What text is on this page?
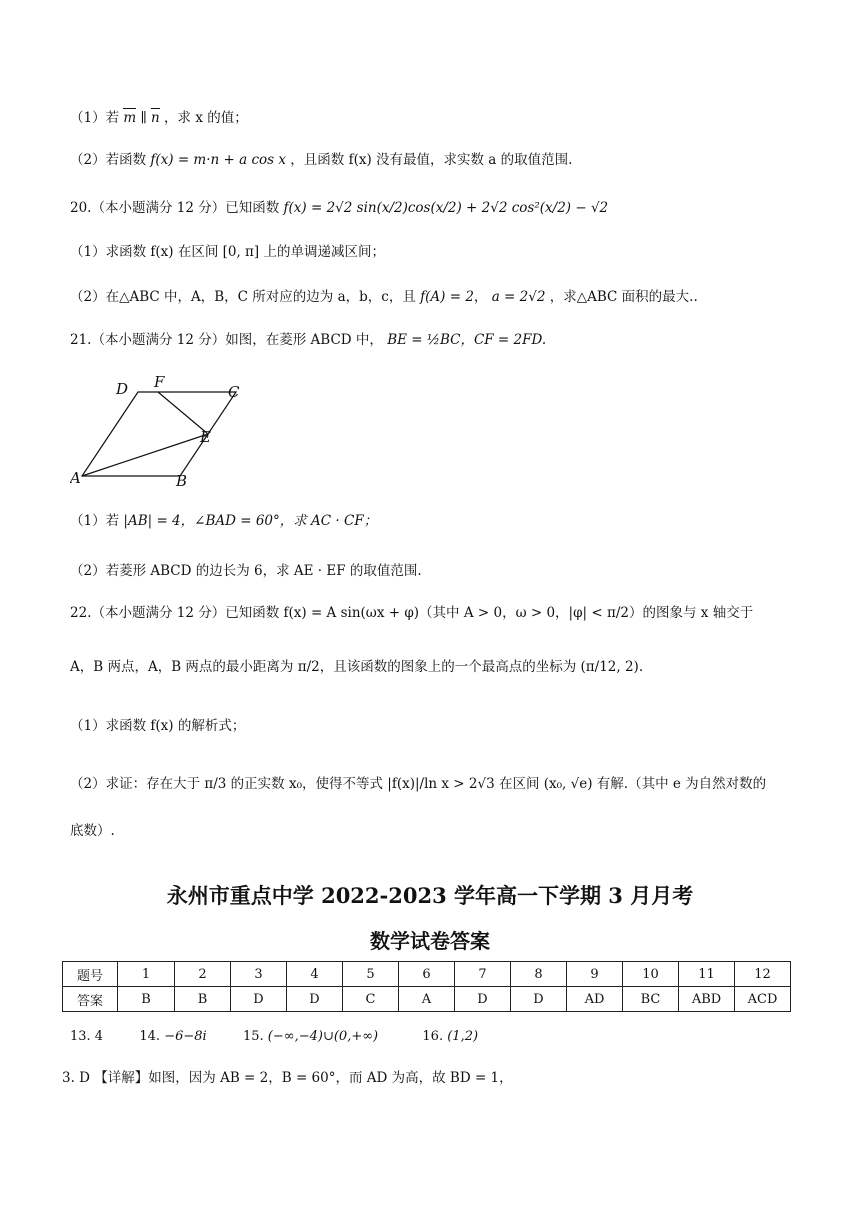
（1）若 m ∥ n ，求 x 的值；
（2）若函数 f(x) = m·n + a cos x ，且函数 f(x) 没有最值，求实数 a 的取值范围.
20.（本小题满分 12 分）已知函数 f(x) = 2√2 sin(x/2)cos(x/2) + 2√2 cos²(x/2) − √2
（1）求函数 f(x) 在区间 [0, π] 上的单调递减区间；
（2）在△ABC 中，A，B，C 所对应的边为 a，b，c，且 f(A) = 2， a = 2√2 ，求△ABC 面积的最大..
21.（本小题满分 12 分）如图，在菱形 ABCD 中， BE = ½BC，CF = 2FD.
D F
C
E
A	B
（1）若 |AB| = 4，∠BAD = 60°，求 AC · CF；
（2）若菱形 ABCD 的边长为 6，求 AE · EF 的取值范围.
22.（本小题满分 12 分）已知函数 f(x) = A sin(ωx + φ)（其中 A > 0，ω > 0，|φ| < π/2）的图象与 x 轴交于
A，B 两点，A，B 两点的最小距离为 π/2，且该函数的图象上的一个最高点的坐标为 (π/12, 2).
（1）求函数 f(x) 的解析式；
（2）求证：存在大于 π/3 的正实数 x₀，使得不等式 |f(x)|/ln x > 2√3 在区间 (x₀, √e) 有解.（其中 e 为自然对数的
底数）.
永州市重点中学 2022-2023 学年高一下学期 3 月月考
数学试卷答案
题号	1	2	3	4	5	6	7	8	9	10	11	12
答案	B	B	D	D	C	A	D	D	AD	BC	ABD	ACD
13. 4	14. −6−8i	15. (−∞,−4)∪(0,+∞)	16. (1,2)
3. D 【详解】如图，因为 AB = 2，B = 60°，而 AD 为高，故 BD = 1，
